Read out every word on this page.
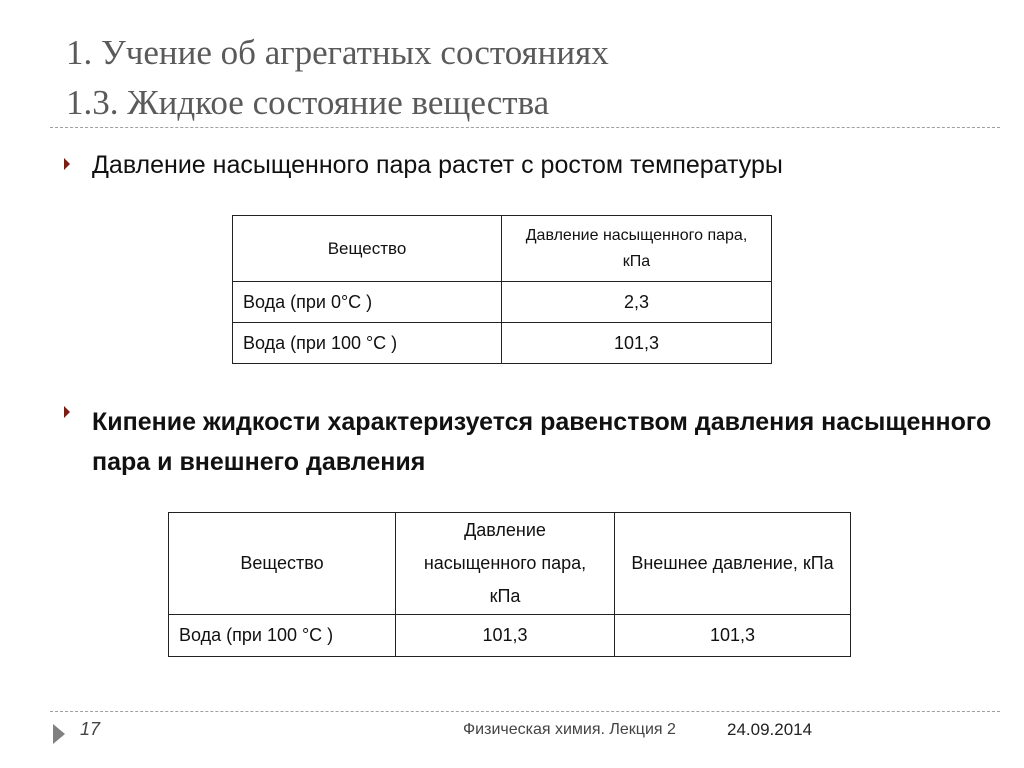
1. Учение об агрегатных состояниях
1.3. Жидкое состояние вещества
Давление насыщенного пара растет с ростом температуры
Вещество	Давление насыщенного пара, кПа
Вода (при 0°С )	2,3
Вода (при 100 °С )	101,3
Кипение жидкости характеризуется равенством давления насыщенного пара и внешнего давления
Вещество	Давление насыщенного пара, кПа	Внешнее давление, кПа
Вода (при 100 °С )	101,3	101,3
17	Физическая химия. Лекция 2	24.09.2014
